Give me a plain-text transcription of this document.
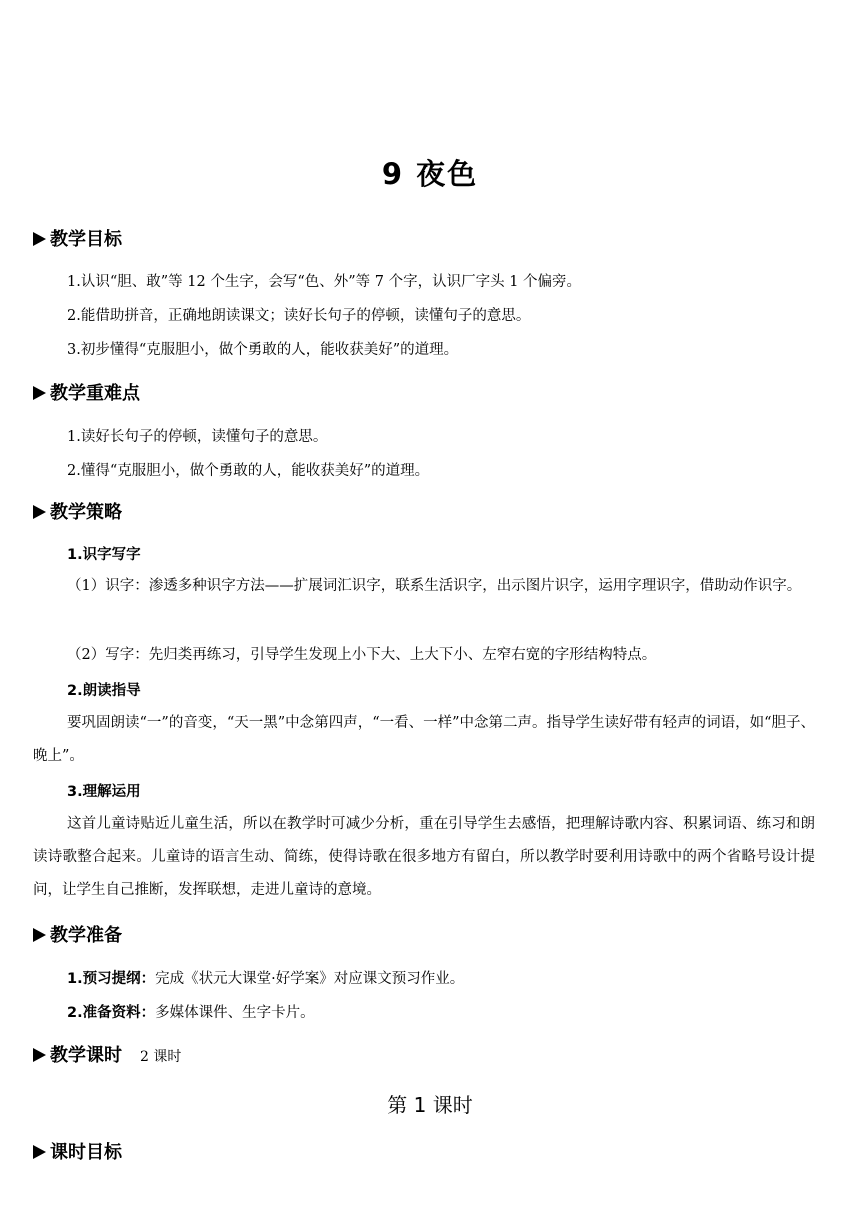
9 夜色
教学目标
1.认识“胆、敢”等 12 个生字，会写“色、外”等 7 个字，认识厂字头 1 个偏旁。
2.能借助拼音，正确地朗读课文；读好长句子的停顿，读懂句子的意思。
3.初步懂得“克服胆小，做个勇敢的人，能收获美好”的道理。
教学重难点
1.读好长句子的停顿，读懂句子的意思。
2.懂得“克服胆小，做个勇敢的人，能收获美好”的道理。
教学策略
1.识字写字
（1）识字：渗透多种识字方法——扩展词汇识字，联系生活识字，出示图片识字，运用字理识字，借助动作识字。
（2）写字：先归类再练习，引导学生发现上小下大、上大下小、左窄右宽的字形结构特点。
2.朗读指导
要巩固朗读“一”的音变，“天一黑”中念第四声，“一看、一样”中念第二声。指导学生读好带有轻声的词语，如“胆子、晚上”。
3.理解运用
这首儿童诗贴近儿童生活，所以在教学时可减少分析，重在引导学生去感悟，把理解诗歌内容、积累词语、练习和朗读诗歌整合起来。儿童诗的语言生动、简练，使得诗歌在很多地方有留白，所以教学时要利用诗歌中的两个省略号设计提问，让学生自己推断，发挥联想，走进儿童诗的意境。
教学准备
1.预习提纲：完成《状元大课堂·好学案》对应课文预习作业。
2.准备资料：多媒体课件、生字卡片。
教学课时 2 课时
第 1 课时
课时目标
